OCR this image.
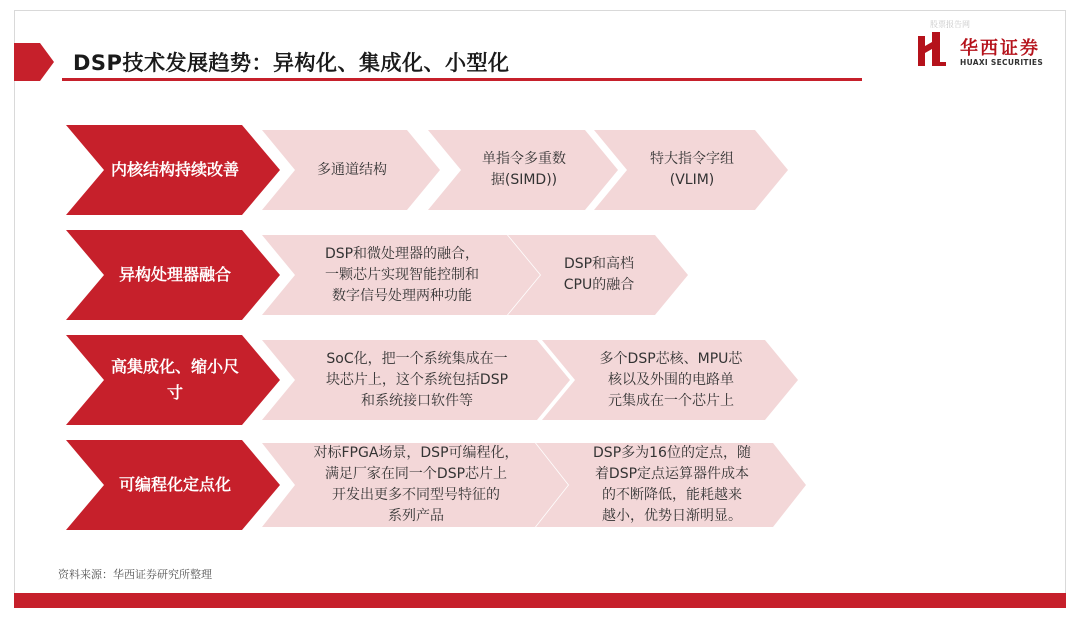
DSP技术发展趋势：异构化、集成化、小型化
股票报告网
华西证券
HUAXI SECURITIES
内核结构持续改善	多通道结构
单指令多重数
据(SIMD))
特大指令字组
(VLIM)
异构处理器融合
DSP和微处理器的融合，
一颗芯片实现智能控制和
数字信号处理两种功能
DSP和高档
CPU的融合
高集成化、缩小尺寸
SoC化，把一个系统集成在一
块芯片上，这个系统包括DSP
和系统接口软件等
多个DSP芯核、MPU芯
核以及外围的电路单
元集成在一个芯片上
可编程化定点化
对标FPGA场景，DSP可编程化，
满足厂家在同一个DSP芯片上
开发出更多不同型号特征的
系列产品
DSP多为16位的定点，随
着DSP定点运算器件成本
的不断降低，能耗越来
越小，优势日渐明显。
资料来源：华西证券研究所整理
